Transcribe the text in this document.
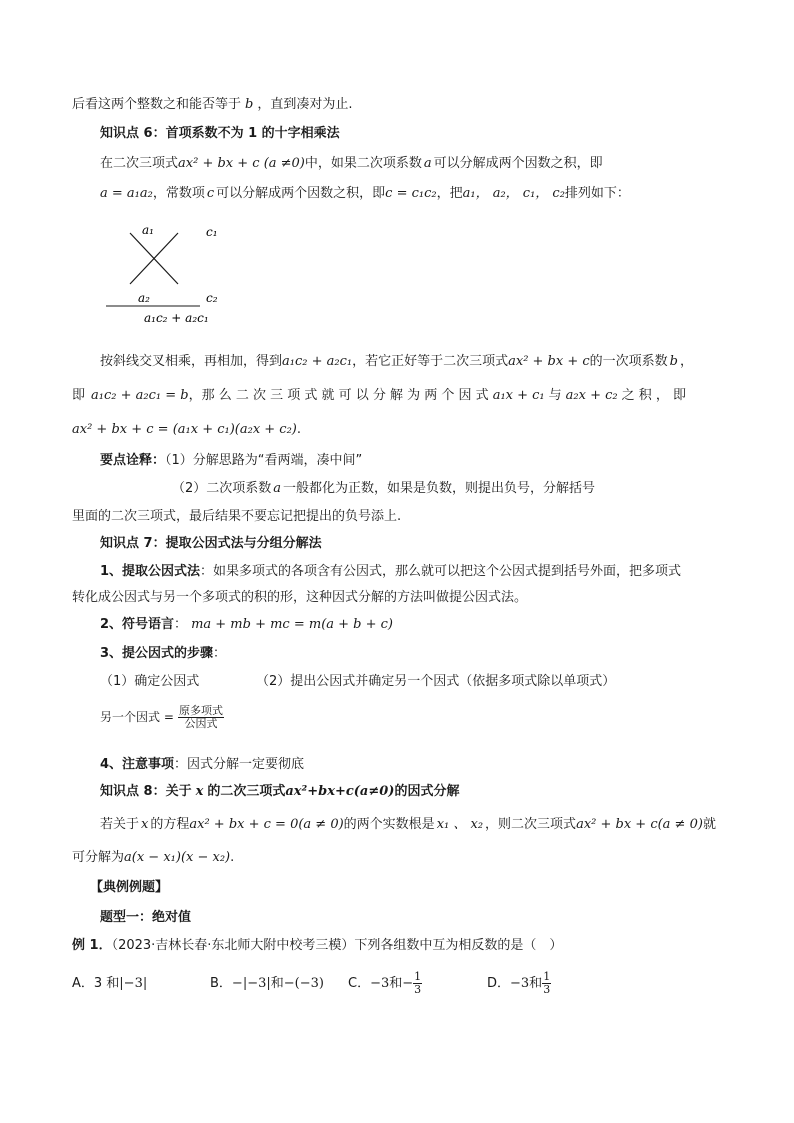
后看这两个整数之和能否等于 b ，直到凑对为止.
知识点 6：首项系数不为 1 的十字相乘法
在二次三项式ax² + bx + c (a ≠0)中，如果二次项系数 a 可以分解成两个因数之积，即
a = a₁a₂，常数项 c 可以分解成两个因数之积，即c = c₁c₂，把a₁， a₂， c₁， c₂排列如下：
a₁	c₁
a₂	c₂
a₁c₂ + a₂c₁
按斜线交叉相乘，再相加，得到a₁c₂ + a₂c₁，若它正好等于二次三项式ax² + bx + c的一次项系数 b ，
即 a₁c₂ + a₂c₁ = b，那 么 二 次 三 项 式 就 可 以 分 解 为 两 个 因 式 a₁x + c₁ 与 a₂x + c₂ 之 积 ， 即
ax² + bx + c = (a₁x + c₁)(a₂x + c₂).
要点诠释：（1）分解思路为“看两端，凑中间”
（2）二次项系数 a 一般都化为正数，如果是负数，则提出负号，分解括号
里面的二次三项式，最后结果不要忘记把提出的负号添上.
知识点 7：提取公因式法与分组分解法
1、提取公因式法：如果多项式的各项含有公因式，那么就可以把这个公因式提到括号外面，把多项式
转化成公因式与另一个多项式的积的形，这种因式分解的方法叫做提公因式法。
2、符号语言： ma + mb + mc = m(a + b + c)
3、提公因式的步骤：
（1）确定公因式	（2）提出公因式并确定另一个因式（依据多项式除以单项式）
另一个因式 = $\frac{\text{原多项式}}{\text{公因式}}$
4、注意事项：因式分解一定要彻底
知识点 8：关于 x 的二次三项式ax²+bx+c(a≠0)的因式分解
若关于 x 的方程ax² + bx + c = 0(a ≠ 0)的两个实数根是 x₁ 、 x₂ ，则二次三项式ax² + bx + c(a ≠ 0)就
可分解为a(x − x₁)(x − x₂).
【典例例题】
题型一：绝对值
例 1．（2023·吉林长春·东北师大附中校考三模）下列各组数中互为相反数的是（　）
A．3 和|−3|	B．−|−3|和−(−3) C．−3和− $\frac{1}{3}$	D．−3和 $\frac{1}{3}$
